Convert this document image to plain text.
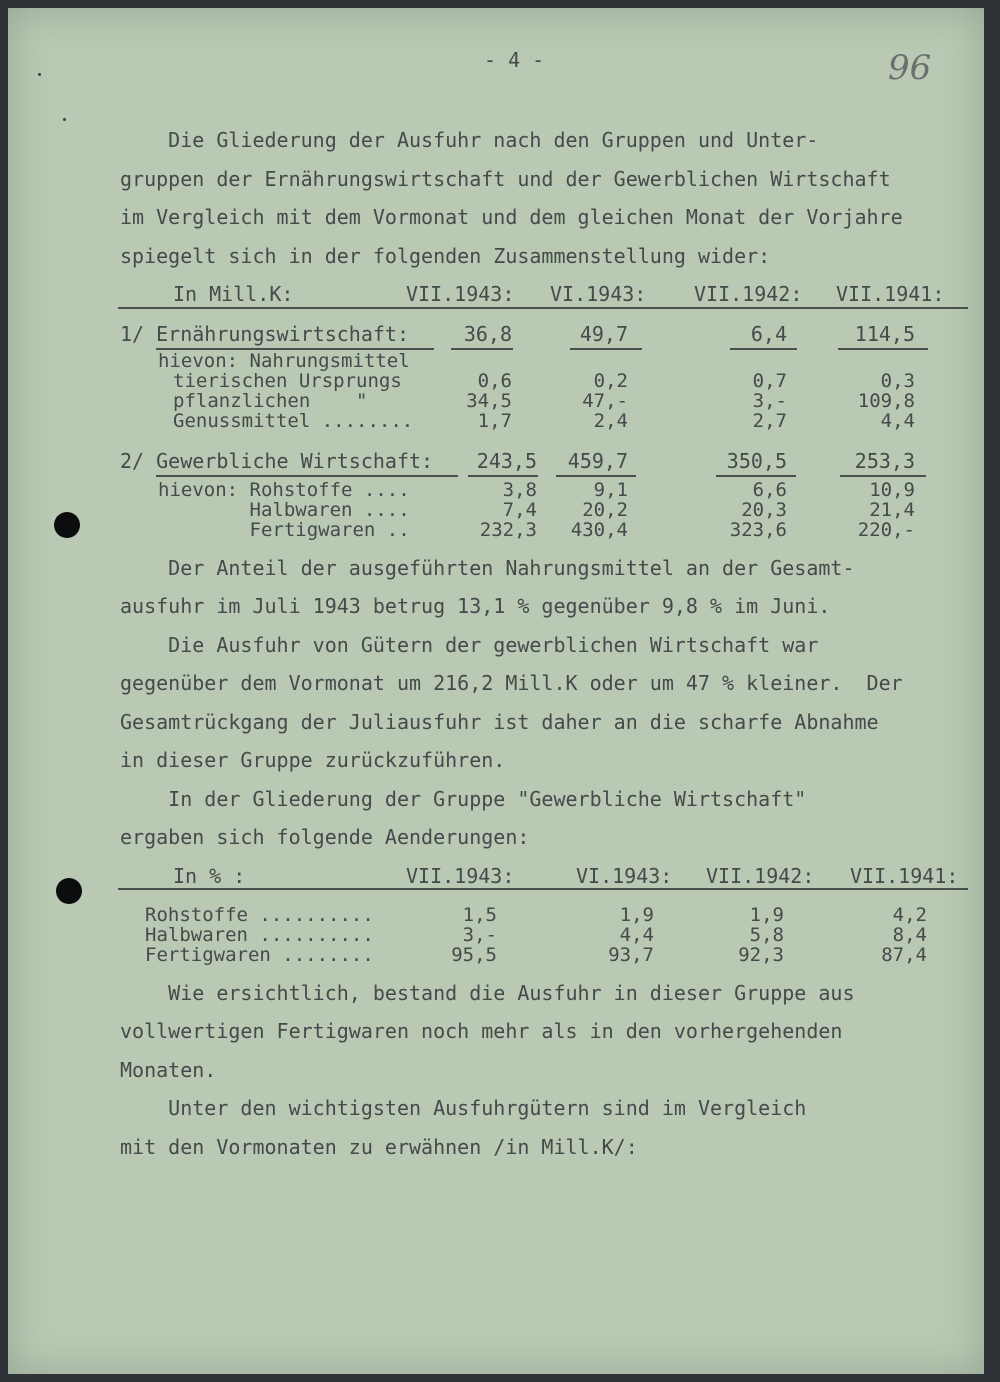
- 4 -	96
Die Gliederung der Ausfuhr nach den Gruppen und Unter-
gruppen der Ernährungswirtschaft und der Gewerblichen Wirtschaft
im Vergleich mit dem Vormonat und dem gleichen Monat der Vorjahre
spiegelt sich in der folgenden Zusammenstellung wider:
In Mill.K:	VII.1943: VI.1943: VII.1942: VII.1941:
1/ Ernährungswirtschaft:	36,8	49,7	6,4	114,5
hievon: Nahrungsmittel
tierischen Ursprungs	0,6	0,2	0,7	0,3
pflanzlichen    "	34,5	47,-	3,-	109,8
Genussmittel ........	1,7	2,4	2,7	4,4
2/ Gewerbliche Wirtschaft:	243,5	459,7	350,5	253,3
hievon: Rohstoffe ....	3,8	9,1	6,6	10,9
Halbwaren ....	7,4	20,2	20,3	21,4
Fertigwaren ..	232,3	430,4	323,6	220,-
Der Anteil der ausgeführten Nahrungsmittel an der Gesamt-
ausfuhr im Juli 1943 betrug 13,1 % gegenüber 9,8 % im Juni.
Die Ausfuhr von Gütern der gewerblichen Wirtschaft war
gegenüber dem Vormonat um 216,2 Mill.K oder um 47 % kleiner.  Der
Gesamtrückgang der Juliausfuhr ist daher an die scharfe Abnahme
in dieser Gruppe zurückzuführen.
In der Gliederung der Gruppe "Gewerbliche Wirtschaft"
ergaben sich folgende Aenderungen:
In % :	VII.1943:	VI.1943: VII.1942: VII.1941:
Rohstoffe ..........	1,5	1,9	1,9	4,2
Halbwaren ..........	3,-	4,4	5,8	8,4
Fertigwaren ........	95,5	93,7	92,3	87,4
Wie ersichtlich, bestand die Ausfuhr in dieser Gruppe aus
vollwertigen Fertigwaren noch mehr als in den vorhergehenden
Monaten.
Unter den wichtigsten Ausfuhrgütern sind im Vergleich
mit den Vormonaten zu erwähnen /in Mill.K/:
